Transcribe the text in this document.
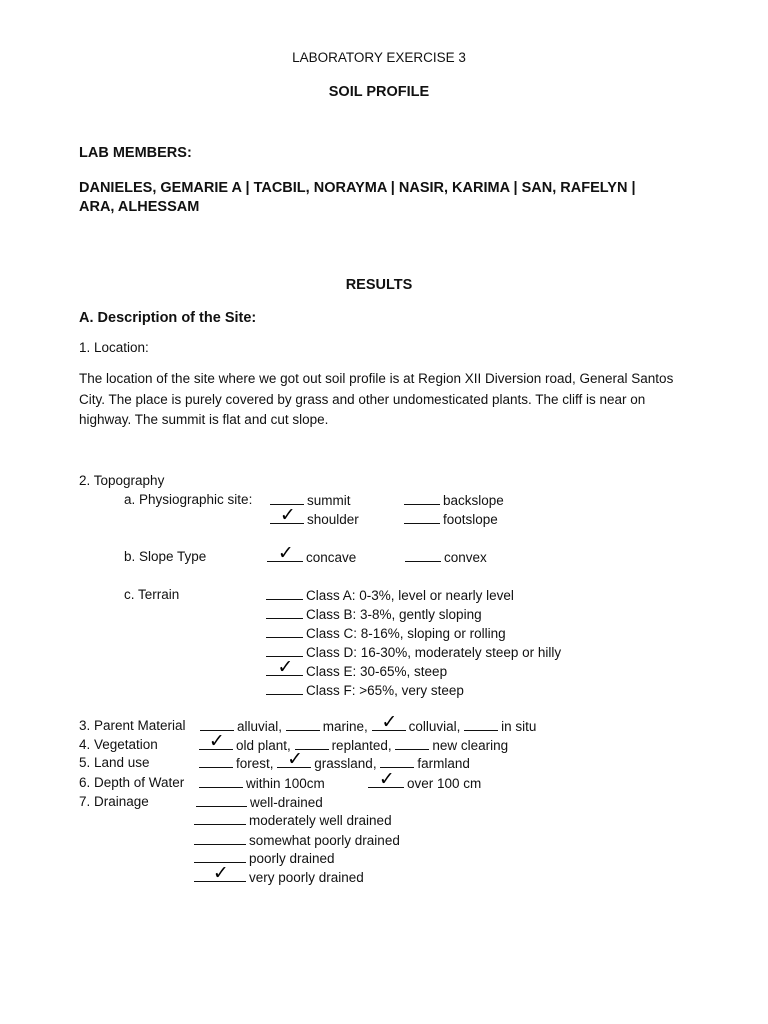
LABORATORY EXERCISE 3
SOIL PROFILE
LAB MEMBERS:
DANIELES, GEMARIE A | TACBIL, NORAYMA | NASIR, KARIMA | SAN, RAFELYN |
ARA, ALHESSAM
RESULTS
A. Description of the Site:
1. Location:
The location of the site where we got out soil profile is at Region XII Diversion road, General Santos City. The place is purely covered by grass and other undomesticated plants. The cliff is near on highway. The summit is flat and cut slope.
2. Topography
a. Physiographic site:	summit	backslope
✓ shoulder	footslope
b. Slope Type	✓ concave	convex
c. Terrain	Class A: 0-3%, level or nearly level
Class B: 3-8%, gently sloping
Class C: 8-16%, sloping or rolling
Class D: 16-30%, moderately steep or hilly
✓ Class E: 30-65%, steep
Class F: >65%, very steep
3. Parent Material	alluvial,	marine, ✓ colluvial,	in situ
4. Vegetation	✓ old plant,	replanted,	new clearing
5. Land use	forest, ✓ grassland,	farmland
6. Depth of Water	within 100cm	✓ over 100 cm
7. Drainage	well-drained
moderately well drained
somewhat poorly drained
poorly drained
✓ very poorly drained
